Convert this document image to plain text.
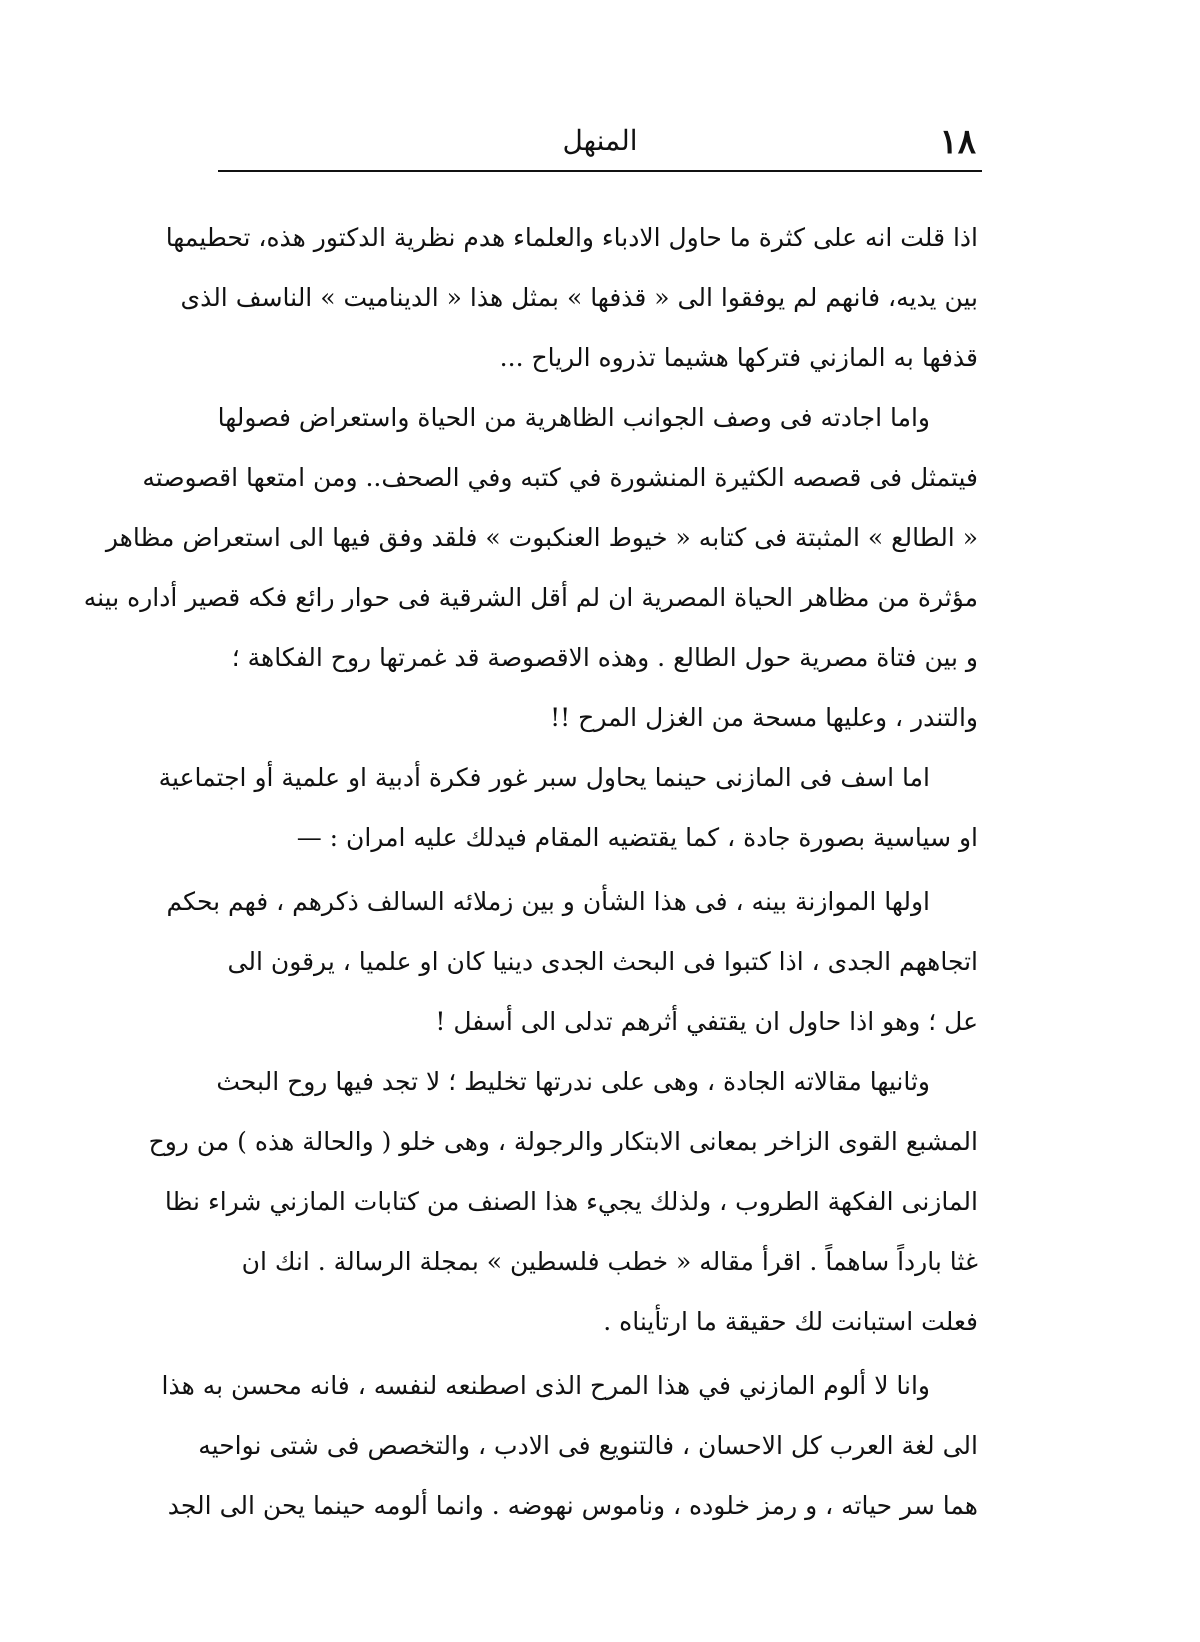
١٨
المنهل
اذا قلت انه على كثرة ما حاول الادباء والعلماء هدم نظرية الدكتور هذه، تحطيمها
بين يديه، فانهم لم يوفقوا الى « قذفها » بمثل هذا « الديناميت » الناسف الذى
قذفها به المازني فتركها هشيما تذروه الرياح ...
واما اجادته فى وصف الجوانب الظاهرية من الحياة واستعراض فصولها
فيتمثل فى قصصه الكثيرة المنشورة في كتبه وفي الصحف.. ومن امتعها اقصوصته
« الطالع » المثبتة فى كتابه « خيوط العنكبوت » فلقد وفق فيها الى استعراض مظاهر
مؤثرة من مظاهر الحياة المصرية ان لم أقل الشرقية فى حوار رائع فكه قصير أداره بينه
و بين فتاة مصرية حول الطالع . وهذه الاقصوصة قد غمرتها روح الفكاهة ؛
والتندر ، وعليها مسحة من الغزل المرح !!
اما اسف فى المازنى حينما يحاول سبر غور فكرة أدبية او علمية أو اجتماعية
او سياسية بصورة جادة ، كما يقتضيه المقام فيدلك عليه امران : —
اولها الموازنة بينه ، فى هذا الشأن و بين زملائه السالف ذكرهم ، فهم بحكم
اتجاههم الجدى ، اذا كتبوا فى البحث الجدى دينيا كان او علميا ، يرقون الى
عل ؛ وهو اذا حاول ان يقتفي أثرهم تدلى الى أسفل !
وثانيها مقالاته الجادة ، وهى على ندرتها تخليط ؛ لا تجد فيها روح البحث
المشبع القوى الزاخر بمعانى الابتكار والرجولة ، وهى خلو ( والحالة هذه ) من روح
المازنى الفكهة الطروب ، ولذلك يجيء هذا الصنف من كتابات المازني شراء نظا
غثا بارداً ساهماً . اقرأ مقاله « خطب فلسطين » بمجلة الرسالة . انك ان
فعلت استبانت لك حقيقة ما ارتأيناه .
وانا لا ألوم المازني في هذا المرح الذى اصطنعه لنفسه ، فانه محسن به هذا
الى لغة العرب كل الاحسان ، فالتنويع فى الادب ، والتخصص فى شتى نواحيه
هما سر حياته ، و رمز خلوده ، وناموس نهوضه . وانما ألومه حينما يحن الى الجد
